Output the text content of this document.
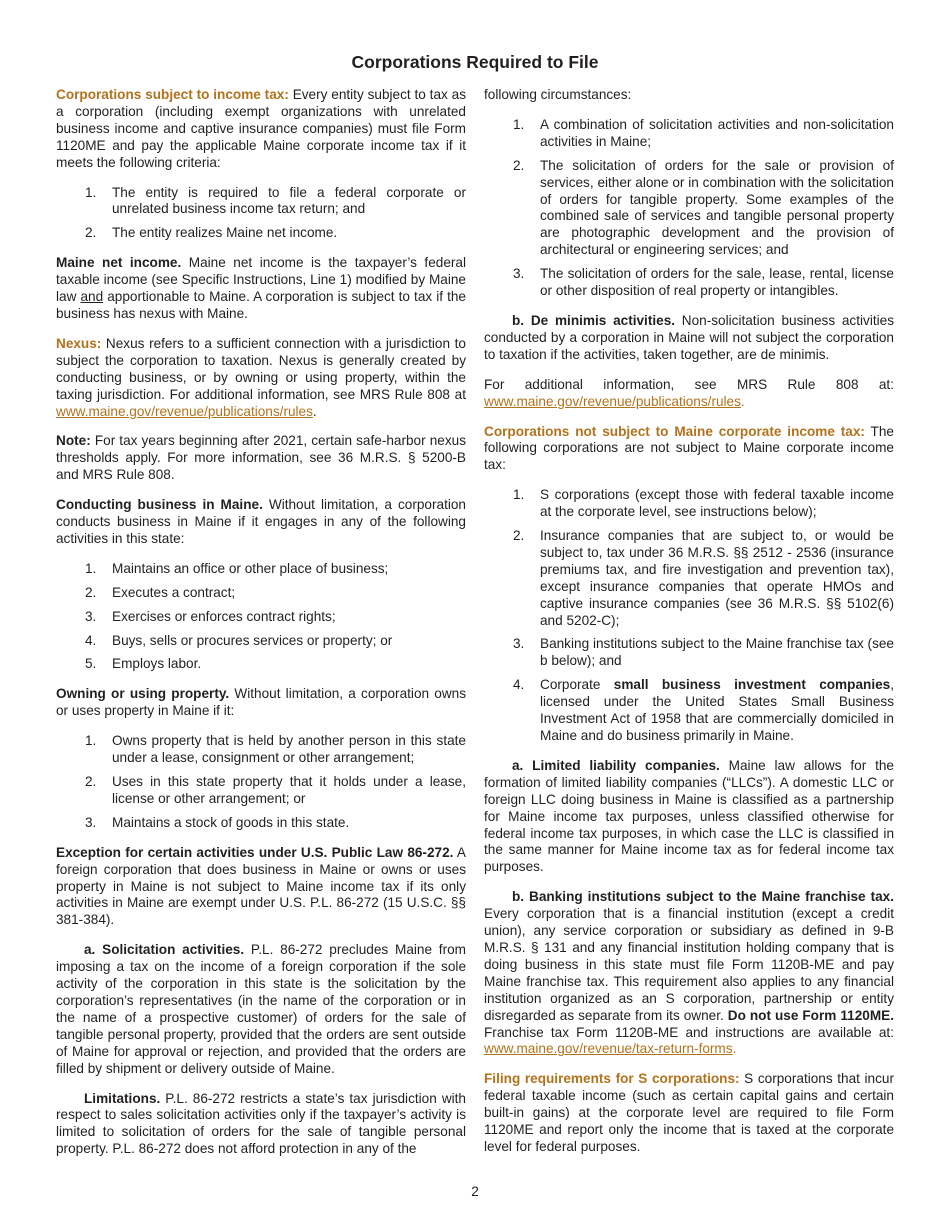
Corporations Required to File

Corporations subject to income tax: Every entity subject to tax as a corporation (including exempt organizations with unrelated business income and captive insurance companies) must file Form 1120ME and pay the applicable Maine corporate income tax if it meets the following criteria:

1. The entity is required to file a federal corporate or unrelated business income tax return; and
2. The entity realizes Maine net income.

Maine net income. Maine net income is the taxpayer’s federal taxable income (see Specific Instructions, Line 1) modified by Maine law and apportionable to Maine. A corporation is subject to tax if the business has nexus with Maine.

Nexus: Nexus refers to a sufficient connection with a jurisdiction to subject the corporation to taxation. Nexus is generally created by conducting business, or by owning or using property, within the taxing jurisdiction. For additional information, see MRS Rule 808 at www.maine.gov/revenue/publications/rules.

Note: For tax years beginning after 2021, certain safe-harbor nexus thresholds apply. For more information, see 36 M.R.S. § 5200-B and MRS Rule 808.

Conducting business in Maine. Without limitation, a corporation conducts business in Maine if it engages in any of the following activities in this state:

1. Maintains an office or other place of business;
2. Executes a contract;
3. Exercises or enforces contract rights;
4. Buys, sells or procures services or property; or
5. Employs labor.

Owning or using property. Without limitation, a corporation owns or uses property in Maine if it:

1. Owns property that is held by another person in this state under a lease, consignment or other arrangement;
2. Uses in this state property that it holds under a lease, license or other arrangement; or
3. Maintains a stock of goods in this state.

Exception for certain activities under U.S. Public Law 86-272. A foreign corporation that does business in Maine or owns or uses property in Maine is not subject to Maine income tax if its only activities in Maine are exempt under U.S. P.L. 86-272 (15 U.S.C. §§ 381-384).

a. Solicitation activities. P.L. 86-272 precludes Maine from imposing a tax on the income of a foreign corporation if the sole activity of the corporation in this state is the solicitation by the corporation’s representatives (in the name of the corporation or in the name of a prospective customer) of orders for the sale of tangible personal property, provided that the orders are sent outside of Maine for approval or rejection, and provided that the orders are filled by shipment or delivery outside of Maine.

Limitations. P.L. 86-272 restricts a state’s tax jurisdiction with respect to sales solicitation activities only if the taxpayer’s activity is limited to solicitation of orders for the sale of tangible personal property. P.L. 86-272 does not afford protection in any of the

following circumstances:

1. A combination of solicitation activities and non-solicitation activities in Maine;
2. The solicitation of orders for the sale or provision of services, either alone or in combination with the solicitation of orders for tangible property. Some examples of the combined sale of services and tangible personal property are photographic development and the provision of architectural or engineering services; and
3. The solicitation of orders for the sale, lease, rental, license or other disposition of real property or intangibles.

b. De minimis activities. Non-solicitation business activities conducted by a corporation in Maine will not subject the corporation to taxation if the activities, taken together, are de minimis.

For additional information, see MRS Rule 808 at: www.maine.gov/revenue/publications/rules.

Corporations not subject to Maine corporate income tax: The following corporations are not subject to Maine corporate income tax:

1. S corporations (except those with federal taxable income at the corporate level, see instructions below);
2. Insurance companies that are subject to, or would be subject to, tax under 36 M.R.S. §§ 2512 - 2536 (insurance premiums tax, and fire investigation and prevention tax), except insurance companies that operate HMOs and captive insurance companies (see 36 M.R.S. §§ 5102(6) and 5202-C);
3. Banking institutions subject to the Maine franchise tax (see b below); and
4. Corporate small business investment companies, licensed under the United States Small Business Investment Act of 1958 that are commercially domiciled in Maine and do business primarily in Maine.

a. Limited liability companies. Maine law allows for the formation of limited liability companies (“LLCs”). A domestic LLC or foreign LLC doing business in Maine is classified as a partnership for Maine income tax purposes, unless classified otherwise for federal income tax purposes, in which case the LLC is classified in the same manner for Maine income tax as for federal income tax purposes.

b. Banking institutions subject to the Maine franchise tax. Every corporation that is a financial institution (except a credit union), any service corporation or subsidiary as defined in 9-B M.R.S. § 131 and any financial institution holding company that is doing business in this state must file Form 1120B-ME and pay Maine franchise tax. This requirement also applies to any financial institution organized as an S corporation, partnership or entity disregarded as separate from its owner. Do not use Form 1120ME. Franchise tax Form 1120B-ME and instructions are available at: www.maine.gov/revenue/tax-return-forms.

Filing requirements for S corporations: S corporations that incur federal taxable income (such as certain capital gains and certain built-in gains) at the corporate level are required to file Form 1120ME and report only the income that is taxed at the corporate level for federal purposes.

2
